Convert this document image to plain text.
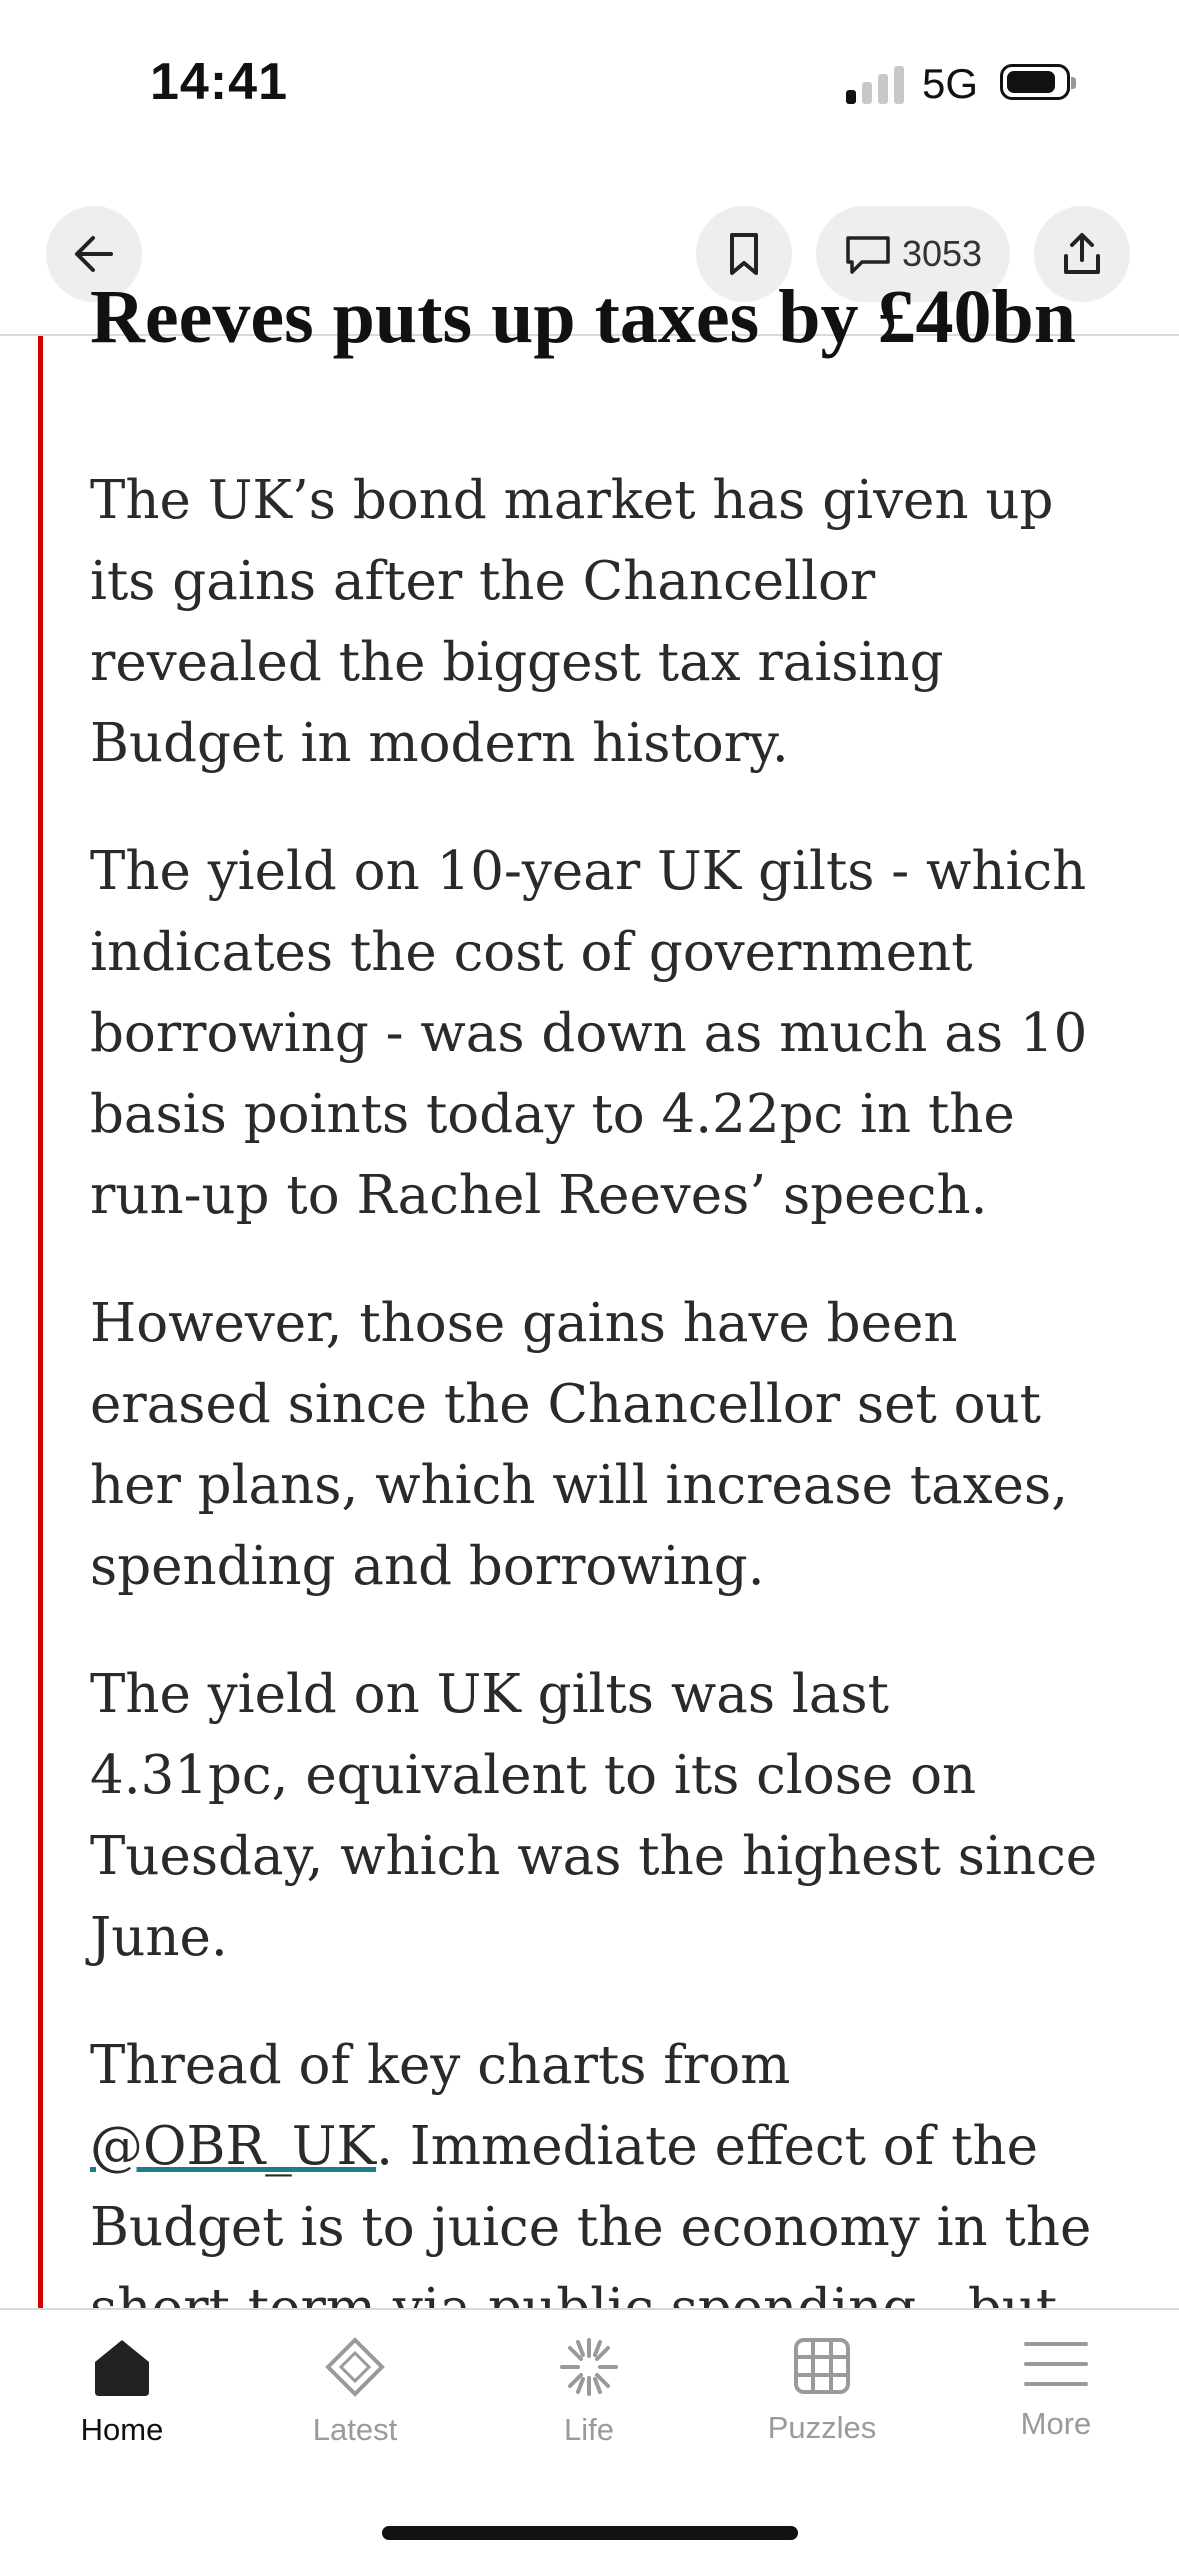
14:41	5G
3053
Reeves puts up taxes by £40bn

The UK’s bond market has given up its gains after the Chancellor revealed the biggest tax raising Budget in modern history.

The yield on 10-year UK gilts - which indicates the cost of government borrowing - was down as much as 10 basis points today to 4.22pc in the run-up to Rachel Reeves’ speech.

However, those gains have been erased since the Chancellor set out her plans, which will increase taxes, spending and borrowing.

The yield on UK gilts was last 4.31pc, equivalent to its close on Tuesday, which was the highest since June.

Thread of key charts from @OBR_UK. Immediate effect of the Budget is to juice the economy in the

Home	Latest	Life	Puzzles	More
